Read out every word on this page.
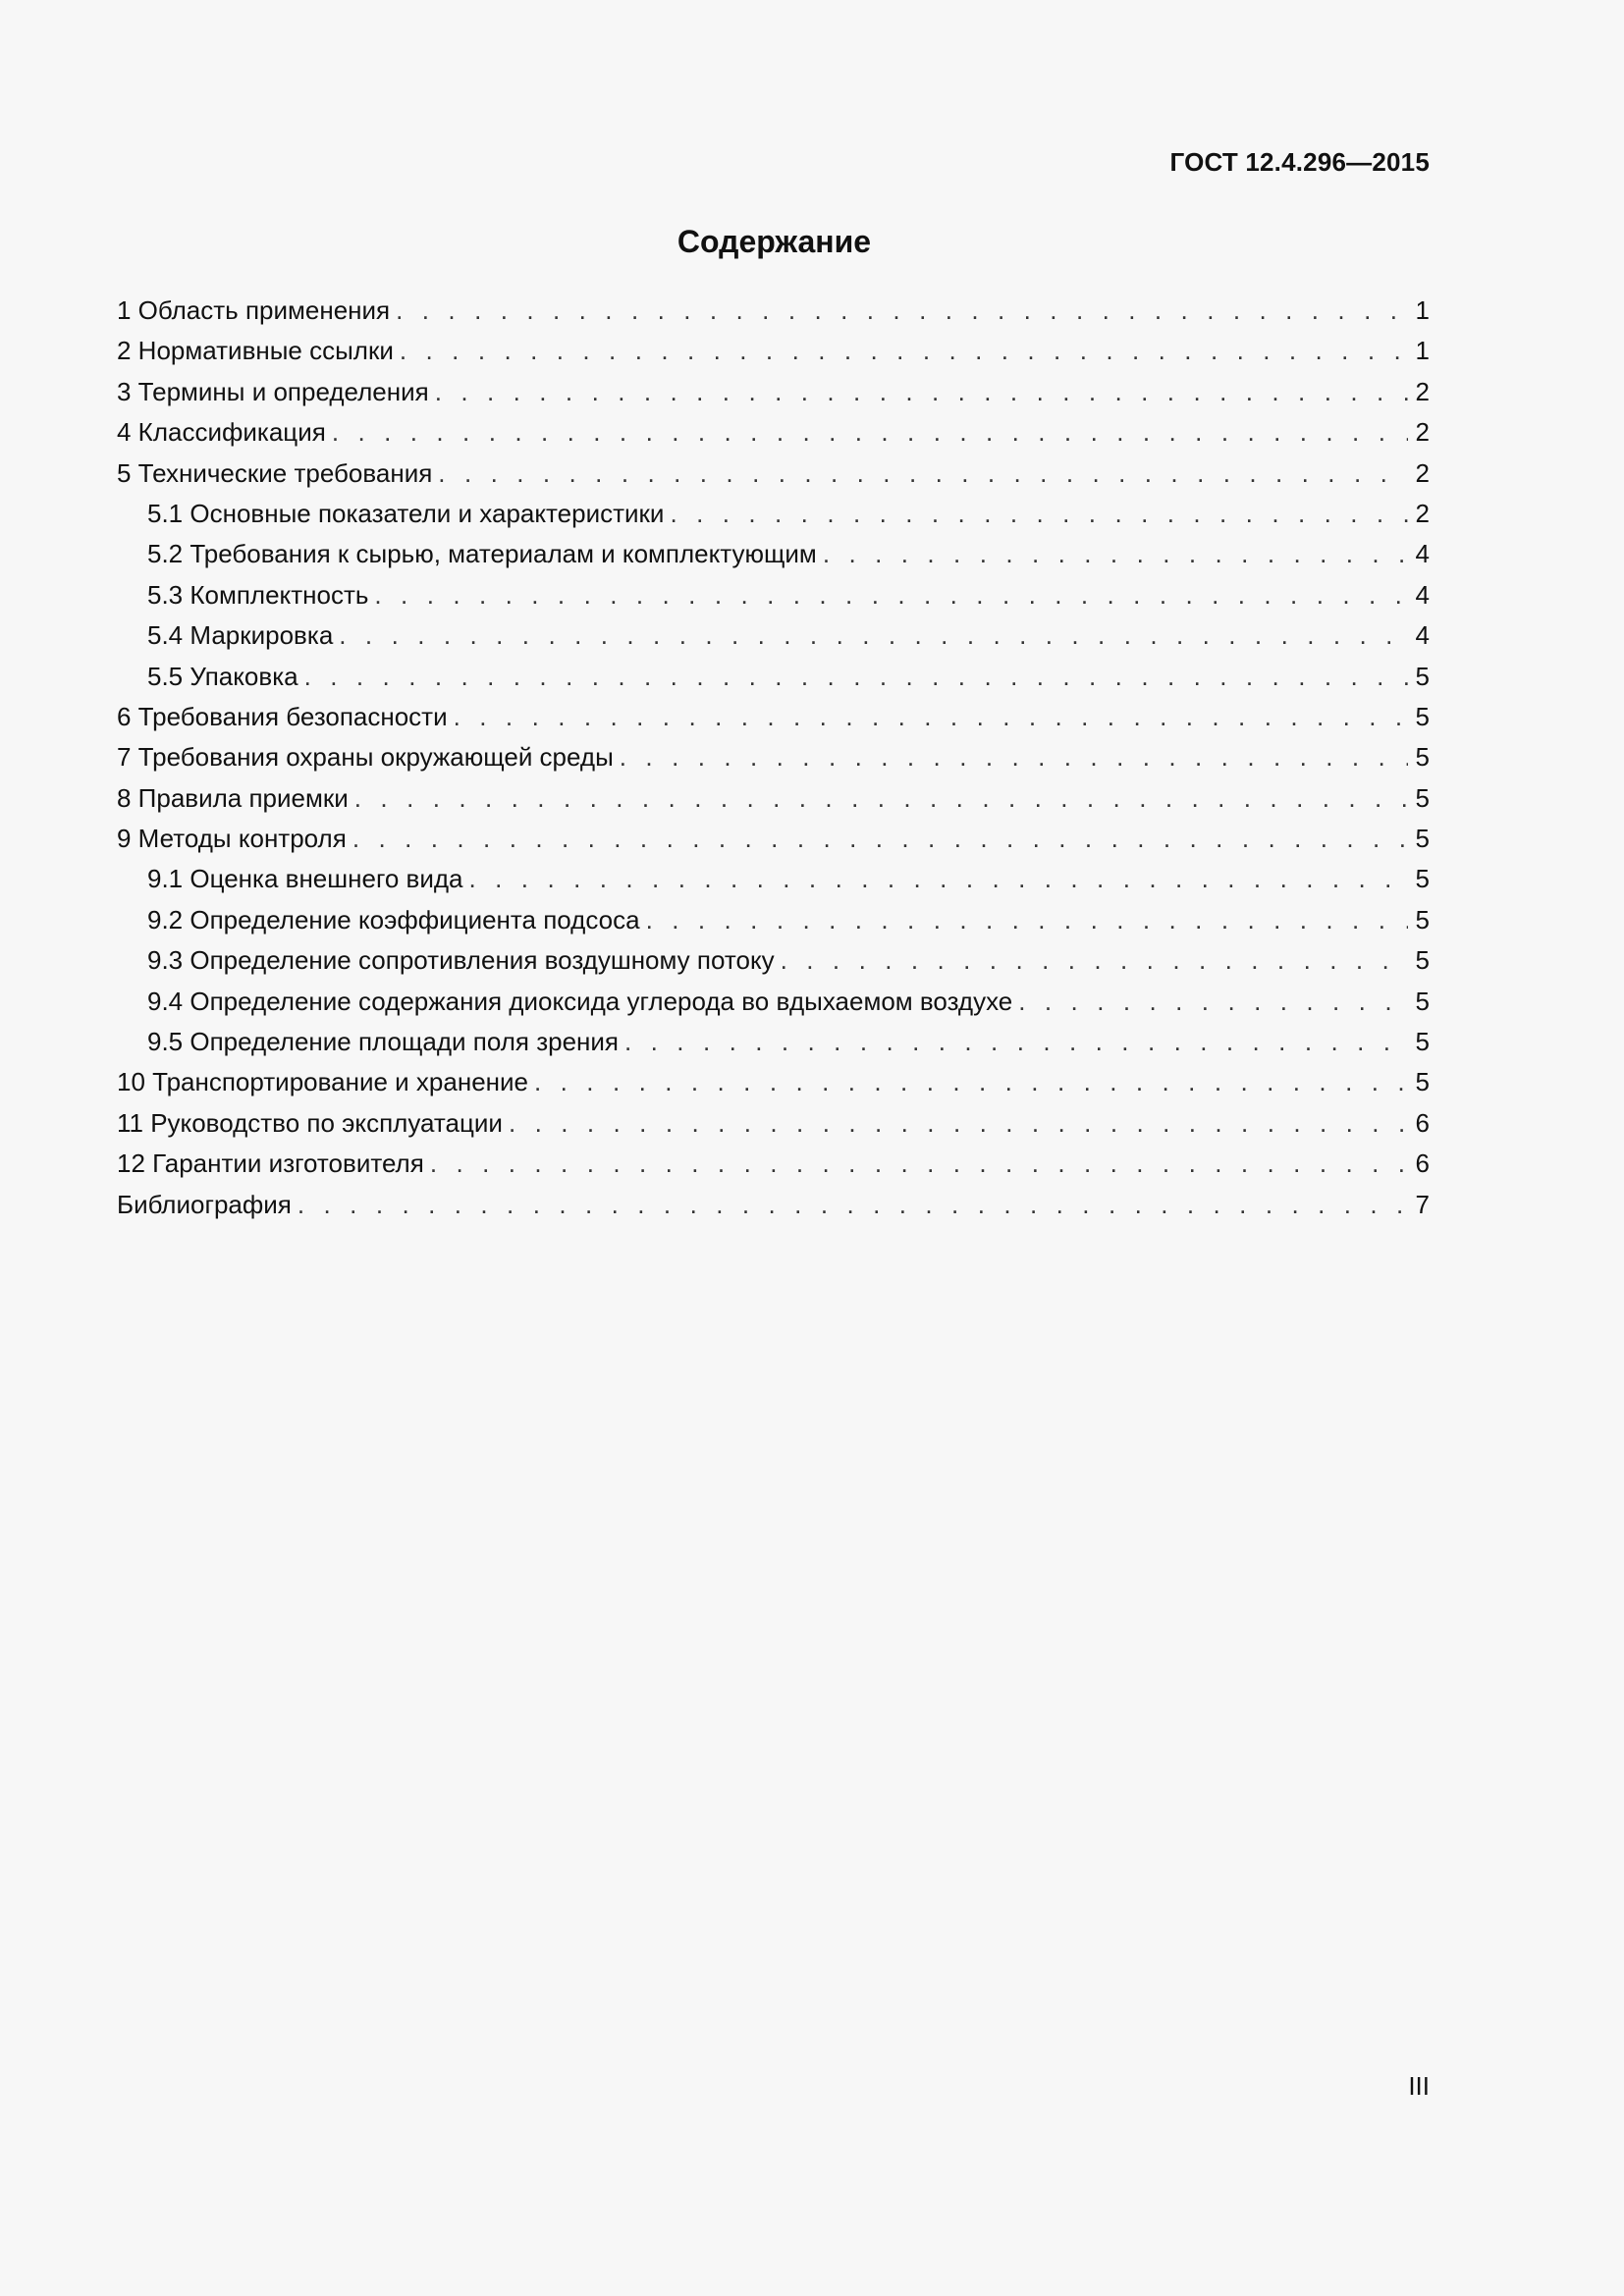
ГОСТ 12.4.296—2015
Содержание
1 Область применения . . .	1
2 Нормативные ссылки . . .	1
3 Термины и определения . . .	2
4 Классификация . . .	2
5 Технические требования . . .	2
5.1 Основные показатели и характеристики . . .	2
5.2 Требования к сырью, материалам и комплектующим . . .	4
5.3 Комплектность . . .	4
5.4 Маркировка . . .	4
5.5 Упаковка . . .	5
6 Требования безопасности . . .	5
7 Требования охраны окружающей среды . . .	5
8 Правила приемки . . .	5
9 Методы контроля . . .	5
9.1 Оценка внешнего вида . . .	5
9.2 Определение коэффициента подсоса . . .	5
9.3 Определение сопротивления воздушному потоку . . .	5
9.4 Определение содержания диоксида углерода во вдыхаемом воздухе . . .	5
9.5 Определение площади поля зрения . . .	5
10 Транспортирование и хранение . . .	5
11 Руководство по эксплуатации . . .	6
12 Гарантии изготовителя . . .	6
Библиография . . .	7
III
